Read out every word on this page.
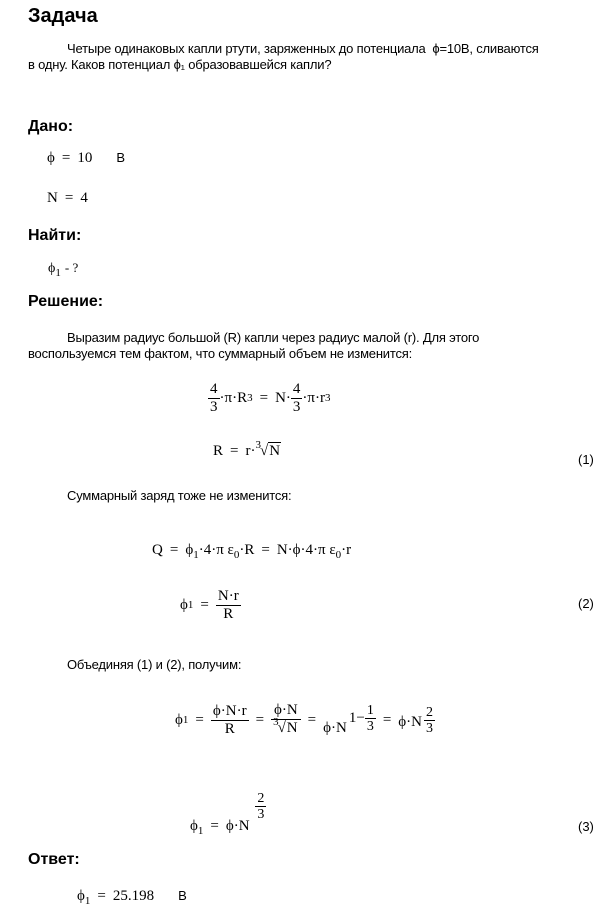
Задача
Четыре одинаковых капли ртути, заряженных до потенциала  ϕ=10В, сливаются
в одну. Каков потенциал ϕ₁ образовавшейся капли?
Дано:
ϕ = 10 В
N = 4
Найти:
$\phi_1$ - ?
Решение:
Выразим радиус большой (R) капли через радиус малой (r). Для этого
воспользуемся тем фактом, что суммарный объем не изменится:
$\frac{4}{3} \cdot\pi\cdot R$ $3 = N\cdot \frac{4}{3} \cdot\pi\cdot r$ 3
R = r· $^3$√N
(1)
Суммарный заряд тоже не изменится:
$Q = \phi_1\cdot 4\cdot\pi$ $\varepsilon_0\cdot R = N\cdot\phi\cdot 4\cdot\pi$ $\varepsilon_0\cdot r$
ϕ $1 = \frac{N\cdot r}{R}$	(2)
Объединяя (1) и (2), получим:
ϕ $1 = \frac{\phi\cdot N\cdot r}{R} = \frac{\phi\cdot N}{^3√N}$ =
ϕ·N
$1- \frac{1}{3} = \phi\cdot N \frac{2}{3}$
$\phi_1 = \phi\cdot N$
$\frac{2}{3}$
(3)
Ответ:
$\phi_1 = 25.198$ В
